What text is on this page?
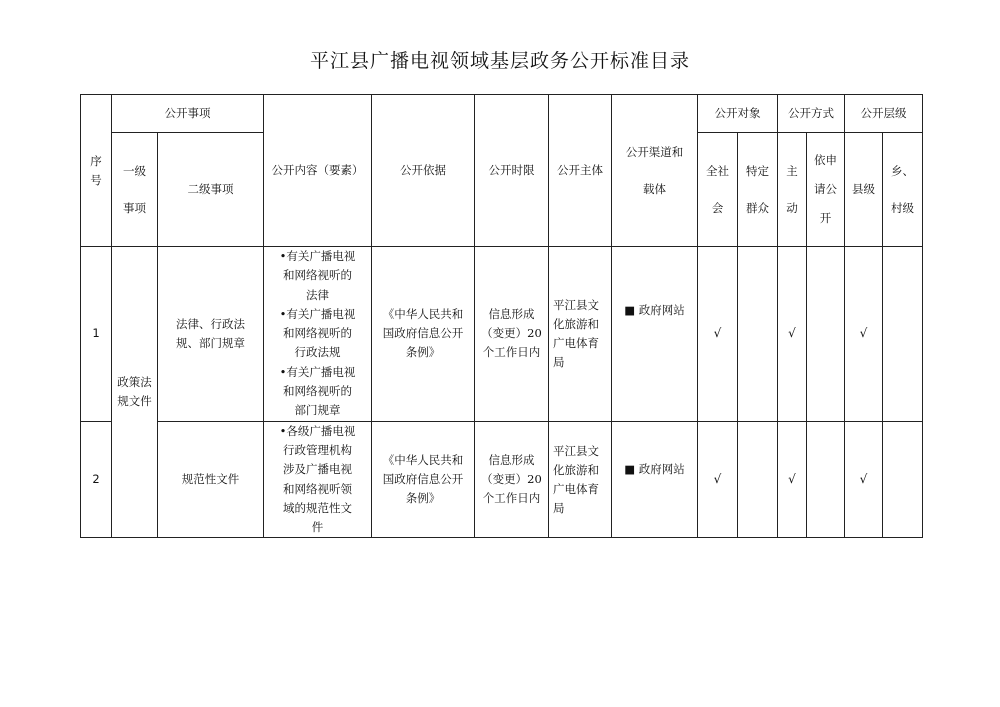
平江县广播电视领域基层政务公开标准目录
序号	公开事项		公开内容（要素）	公开依据	公开时限	公开主体	公开渠道和载体	公开对象		公开方式		公开层级	
	一级事项	二级事项						全社会	特定群众	主动	依申请公开	县级	乡、村级
1	政策法规文件	法律、行政法规、部门规章	•有关广播电视和网络视听的法律
•有关广播电视和网络视听的行政法规
•有关广播电视和网络视听的部门规章	《中华人民共和国政府信息公开条例》	信息形成（变更）20个工作日内	平江县文化旅游和广电体育局	■ 政府网站	√		√		√	
2		规范性文件	•各级广播电视行政管理机构涉及广播电视和网络视听领域的规范性文件	《中华人民共和国政府信息公开条例》	信息形成（变更）20个工作日内	平江县文化旅游和广电体育局	■ 政府网站	√		√		√	
